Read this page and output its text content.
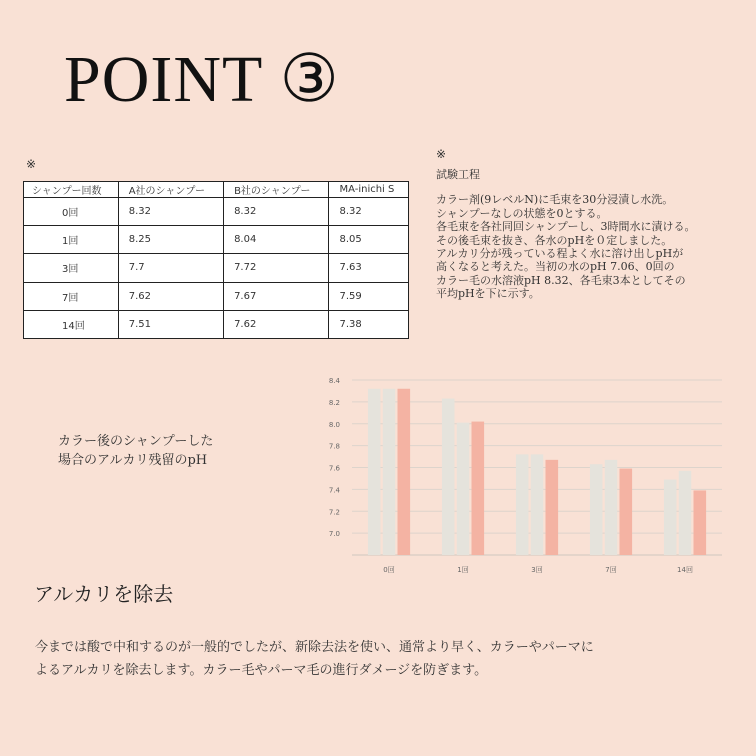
POINT ③
※
シャンプー回数	A社のシャンプー	B社のシャンプー	MA-inichi S
0回	8.32	8.32	8.32
1回	8.25	8.04	8.05
3回	7.7	7.72	7.63
7回	7.62	7.67	7.59
14回	7.51	7.62	7.38
※
試験工程
カラー剤(9レベルN)に毛束を30分浸漬し水洗。
シャンプーなしの状態を0とする。
各毛束を各社同回シャンプーし、3時間水に漬ける。
その後毛束を抜き、各水のpHを０定しました。
アルカリ分が残っている程よく水に溶け出しpHが
高くなると考えた。当初の水のpH 7.06、0回の
カラー毛の水溶液pH 8.32、各毛束3本としてその
平均pHを下に示す。
カラー後のシャンプーした
場合のアルカリ残留のpH
7.0
7.2
7.4
7.6
7.8
8.0
8.2
8.4
0回	1回	3回	7回	14回
アルカリを除去
今までは酸で中和するのが一般的でしたが、新除去法を使い、通常より早く、カラーやパーマに
よるアルカリを除去します。カラー毛やパーマ毛の進行ダメージを防ぎます。
